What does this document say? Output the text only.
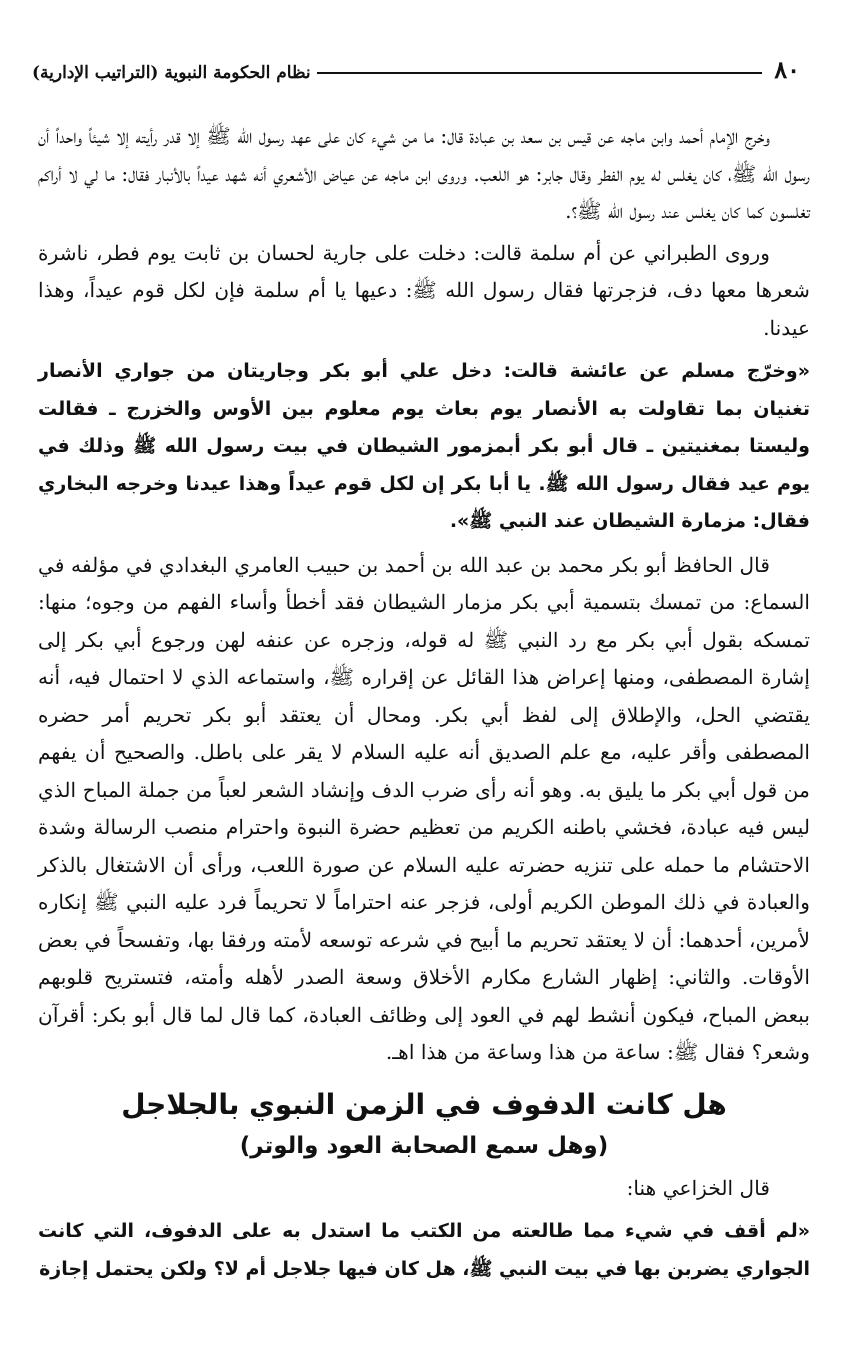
٨٠
نظام الحكومة النبوية (التراتيب الإدارية)

وخرج الإمام أحمد وابن ماجه عن قيس بن سعد بن عبادة قال: ما من شيء كان على عهد رسول الله ﷺ إلا قدر رأيته إلا شيئاً واحداً أن رسول الله ﷺ، كان يغلس له يوم الفطر وقال جابر: هو اللعب. وروى ابن ماجه عن عياض الأشعري أنه شهد عيداً بالأنبار فقال: ما لي لا أراكم تغلسون كما كان يغلس عند رسول الله ﷺ؟.

وروى الطبراني عن أم سلمة قالت: دخلت على جارية لحسان بن ثابت يوم فطر، ناشرة شعرها معها دف، فزجرتها فقال رسول الله ﷺ: دعيها يا أم سلمة فإن لكل قوم عيداً، وهذا عيدنا.

«وخرّج مسلم عن عائشة قالت: دخل علي أبو بكر وجاريتان من جواري الأنصار تغنيان بما تقاولت به الأنصار يوم بعاث يوم معلوم بين الأوس والخزرج ـ فقالت وليستا بمغنيتين ـ قال أبو بكر أبمزمور الشيطان في بيت رسول الله ﷺ وذلك في يوم عيد فقال رسول الله ﷺ. يا أبا بكر إن لكل قوم عيداً وهذا عيدنا وخرجه البخاري فقال: مزمارة الشيطان عند النبي ﷺ».

قال الحافظ أبو بكر محمد بن عبد الله بن أحمد بن حبيب العامري البغدادي في مؤلفه في السماع: من تمسك بتسمية أبي بكر مزمار الشيطان فقد أخطأ وأساء الفهم من وجوه؛ منها: تمسكه بقول أبي بكر مع رد النبي ﷺ له قوله، وزجره عن عنفه لهن ورجوع أبي بكر إلى إشارة المصطفى، ومنها إعراض هذا القائل عن إقراره ﷺ، واستماعه الذي لا احتمال فيه، أنه يقتضي الحل، والإطلاق إلى لفظ أبي بكر. ومحال أن يعتقد أبو بكر تحريم أمر حضره المصطفى وأقر عليه، مع علم الصديق أنه عليه السلام لا يقر على باطل. والصحيح أن يفهم من قول أبي بكر ما يليق به. وهو أنه رأى ضرب الدف وإنشاد الشعر لعباً من جملة المباح الذي ليس فيه عبادة، فخشي باطنه الكريم من تعظيم حضرة النبوة واحترام منصب الرسالة وشدة الاحتشام ما حمله على تنزيه حضرته عليه السلام عن صورة اللعب، ورأى أن الاشتغال بالذكر والعبادة في ذلك الموطن الكريم أولى، فزجر عنه احتراماً لا تحريماً فرد عليه النبي ﷺ إنكاره لأمرين، أحدهما: أن لا يعتقد تحريم ما أبيح في شرعه توسعه لأمته ورفقا بها، وتفسحاً في بعض الأوقات. والثاني: إظهار الشارع مكارم الأخلاق وسعة الصدر لأهله وأمته، فتستريح قلوبهم ببعض المباح، فيكون أنشط لهم في العود إلى وظائف العبادة، كما قال لما قال أبو بكر: أقرآن وشعر؟ فقال ﷺ: ساعة من هذا وساعة من هذا اهـ.

هل كانت الدفوف في الزمن النبوي بالجلاجل
(وهل سمع الصحابة العود والوتر)

قال الخزاعي هنا:

«لم أقف في شيء مما طالعته من الكتب ما استدل به على الدفوف، التي كانت الجواري يضربن بها في بيت النبي ﷺ، هل كان فيها جلاجل أم لا؟ ولكن يحتمل إجازة
